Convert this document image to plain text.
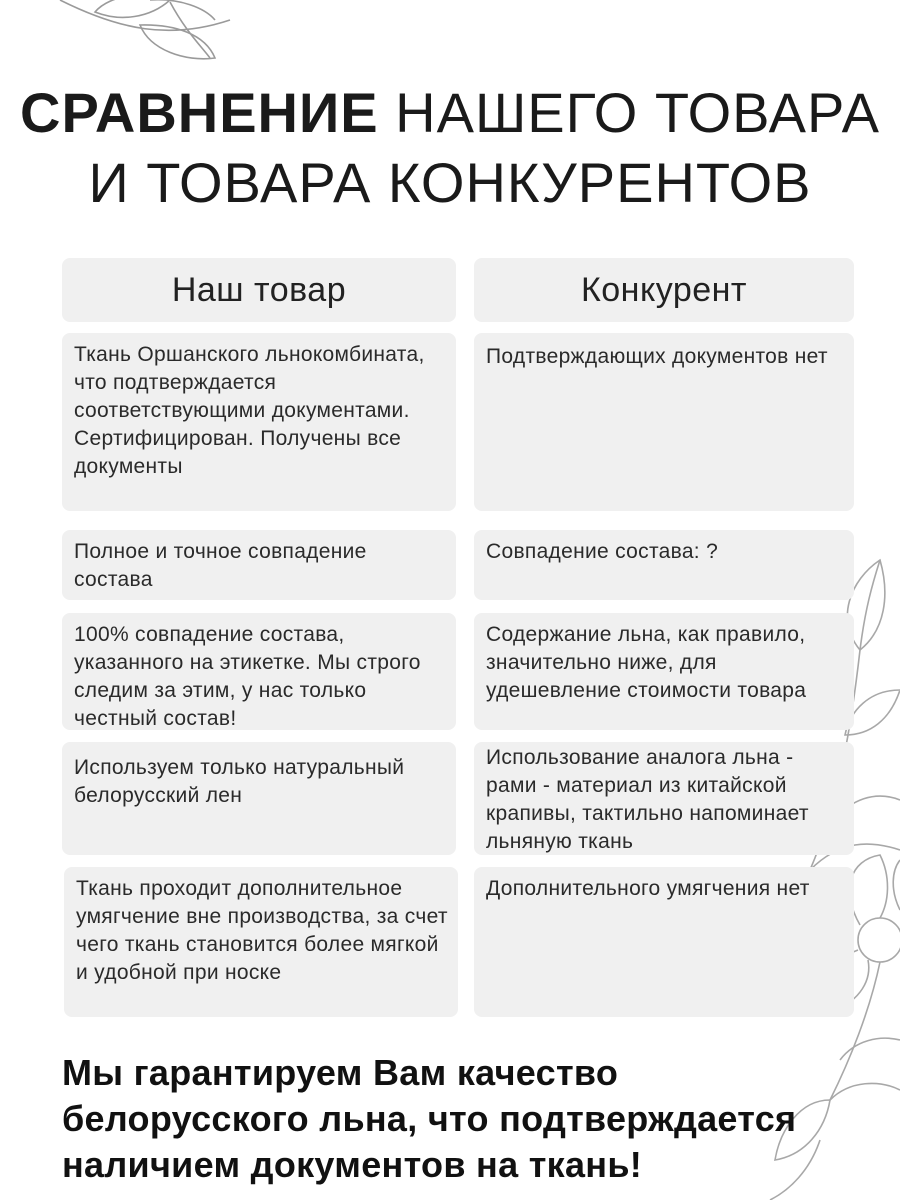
СРАВНЕНИЕ НАШЕГО ТОВАРА
И ТОВАРА КОНКУРЕНТОВ
Наш товар	Конкурент
Ткань Оршанского льнокомбината, что подтверждается соответствующими документами. Сертифицирован. Получены все документы
Подтверждающих документов нет
Полное и точное совпадение состава
Совпадение состава: ?
100% совпадение состава, указанного на этикетке. Мы строго следим за этим, у нас только честный состав!
Содержание льна, как правило, значительно ниже, для удешевление стоимости товара
Используем только натуральный белорусский лен
Использование аналога льна - рами - материал из китайской крапивы, тактильно напоминает льняную ткань
Ткань проходит дополнительное умягчение вне производства, за счет чего ткань становится более мягкой и удобной при носке
Дополнительного умягчения нет
Мы гарантируем Вам качество
белорусского льна, что подтверждается
наличием документов на ткань!
